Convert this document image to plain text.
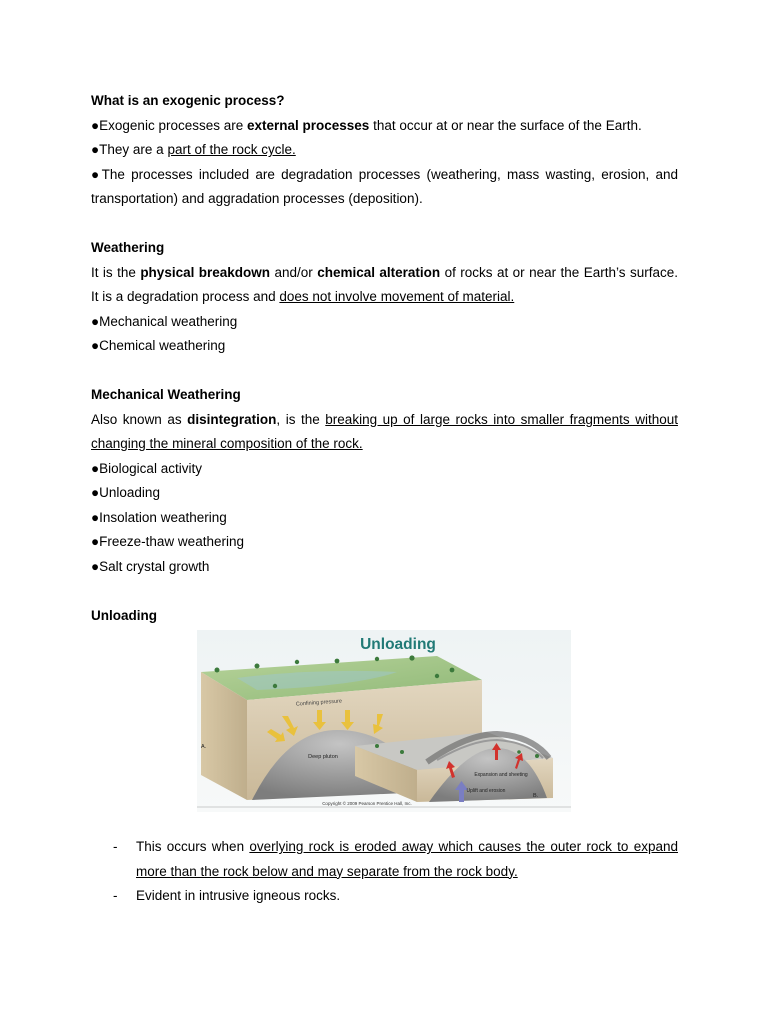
What is an exogenic process?

●Exogenic processes are external processes that occur at or near the surface of the Earth.

●They are a part of the rock cycle.

●The processes included are degradation processes (weathering, mass wasting, erosion, and transportation) and aggradation processes (deposition).

Weathering

It is the physical breakdown and/or chemical alteration of rocks at or near the Earth’s surface. It is a degradation process and does not involve movement of material.

●Mechanical weathering

●Chemical weathering

Mechanical Weathering

Also known as disintegration, is the breaking up of large rocks into smaller fragments without changing the mineral composition of the rock.

●Biological activity

●Unloading

●Insolation weathering

●Freeze-thaw weathering

●Salt crystal growth

Unloading

Unloading
Confining pressure
Deep pluton
A.
Expansion and sheeting
Uplift and erosion
B.
Copyright © 2009 Pearson Prentice Hall, Inc.
- This occurs when overlying rock is eroded away which causes the outer rock to expand more than the rock below and may separate from the rock body.
- Evident in intrusive igneous rocks.
